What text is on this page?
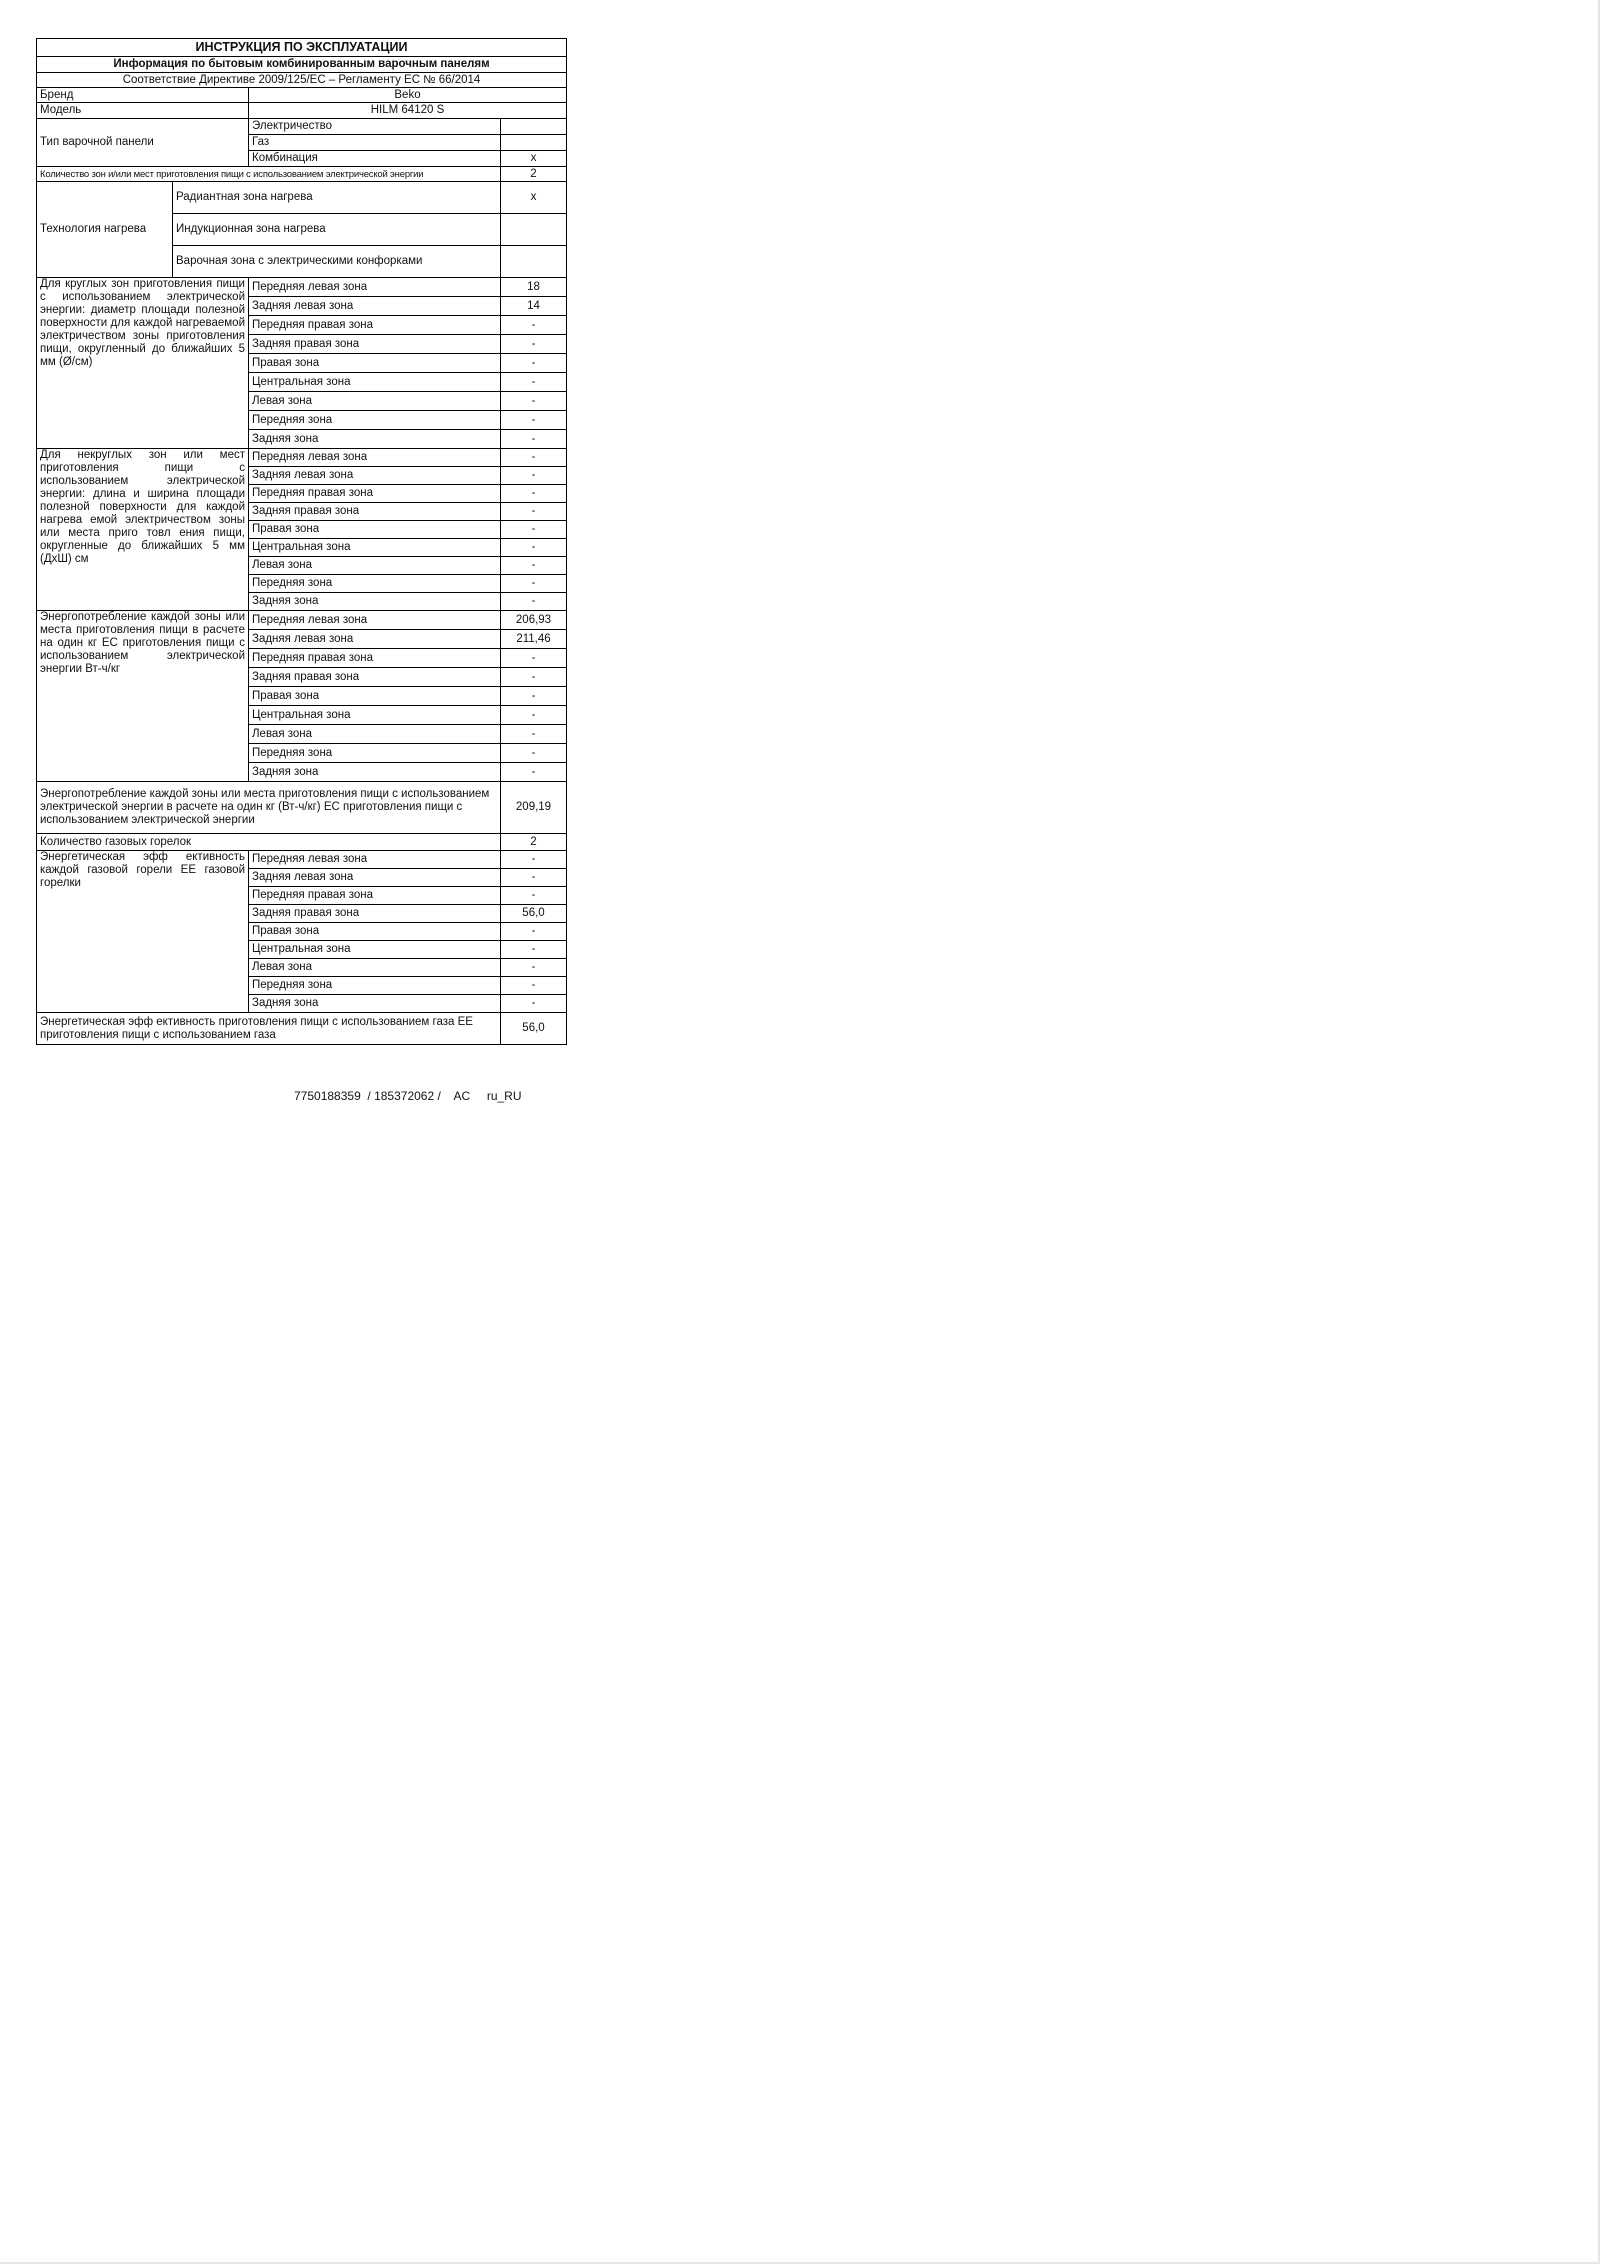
ИНСТРУКЦИЯ ПО ЭКСПЛУАТАЦИИ			
Информация по бытовым комбинированным варочным панелям			
Соответствие Директиве 2009/125/EC – Регламенту ЕС № 66/2014			
Бренд		Beko	
Модель		HILM 64120 S	
Тип варочной панели		Электричество	
		Газ	
		Комбинация	x
Количество зон и/или мест приготовления пищи с использованием электрической энергии			2
Технология нагрева	Радиантная зона нагрева		x
	Индукционная зона нагрева		
	Варочная зона с электрическими конфорками		
Для круглых зон приготовления пищи с использованием электрической энергии: диаметр площади полезной поверхности для каждой нагреваемой электричеством зоны приготовления пищи, округленный до ближайших 5 мм (Ø/см)		Передняя левая зона	18
		Задняя левая зона	14
		Передняя правая зона	-
		Задняя правая зона	-
		Правая зона	-
		Центральная зона	-
		Левая зона	-
		Передняя зона	-
		Задняя зона	-
Для некруглых зон или мест приготовления пищи с использованием электрической энергии: длина и ширина площади полезной поверхности для каждой нагрева емой электричеством зоны или места приго товл ения пищи, округленные до ближайших 5 мм (ДxШ) см		Передняя левая зона	-
		Задняя левая зона	-
		Передняя правая зона	-
		Задняя правая зона	-
		Правая зона	-
		Центральная зона	-
		Левая зона	-
		Передняя зона	-
		Задняя зона	-
Энергопотребление каждой зоны или места приготовления пищи в расчете на один кг EC приготовления пищи с использованием электрической энергии Вт-ч/кг		Передняя левая зона	206,93
		Задняя левая зона	211,46
		Передняя правая зона	-
		Задняя правая зона	-
		Правая зона	-
		Центральная зона	-
		Левая зона	-
		Передняя зона	-
		Задняя зона	-
Энергопотребление каждой зоны или места приготовления пищи с использованием электрической энергии в расчете на один кг (Вт-ч/кг) EC приготовления пищи с использованием электрической энергии			209,19
Количество газовых горелок			2
Энергетическая эфф ективность каждой газовой горели EE газовой горелки		Передняя левая зона	-
		Задняя левая зона	-
		Передняя правая зона	-
		Задняя правая зона	56,0
		Правая зона	-
		Центральная зона	-
		Левая зона	-
		Передняя зона	-
		Задняя зона	-
Энергетическая эфф ективность приготовления пищи с использованием газа EE приготовления пищи с использованием газа			56,0
7750188359  / 185372062 /    AC     ru_RU
